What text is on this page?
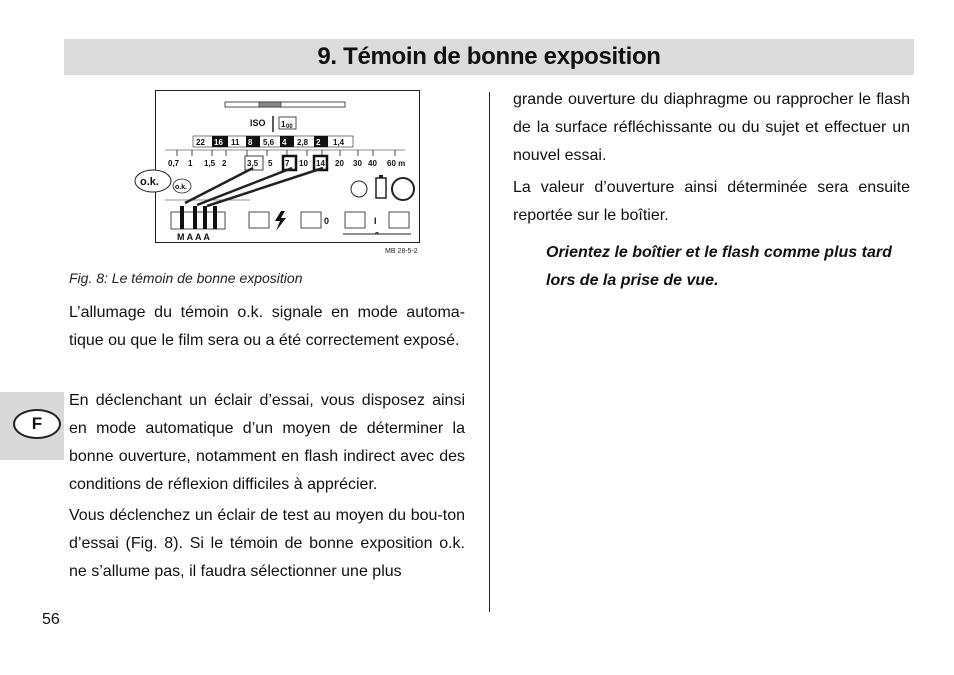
9. Témoin de bonne exposition
F
ISO 1 00
22 16 11 8 5,6 4 2,8 2 1,4
0,7 1 1,5 2	3,5 5 7 10 14 20 30 40 60 m
o.k. o.k.
M A A A
0	I
MB 28-5-2
Fig. 8: Le témoin de bonne exposition

L’allumage du témoin o.k. signale en mode automa-tique ou que le film sera ou a été correctement exposé.

En déclenchant un éclair d’essai, vous disposez ainsi en mode automatique d’un moyen de déterminer la bonne ouverture, notamment en flash indirect avec des conditions de réflexion difficiles à apprécier.

Vous déclenchez un éclair de test au moyen du bou-ton d’essai (Fig. 8). Si le témoin de bonne exposition o.k. ne s’allume pas, il faudra sélectionner une plus

grande ouverture du diaphragme ou rapprocher le flash de la surface réfléchissante ou du sujet et effectuer un nouvel essai.

La valeur d’ouverture ainsi déterminée sera ensuite reportée sur le boîtier.

Orientez le boîtier et le flash comme plus tard lors de la prise de vue.

56
